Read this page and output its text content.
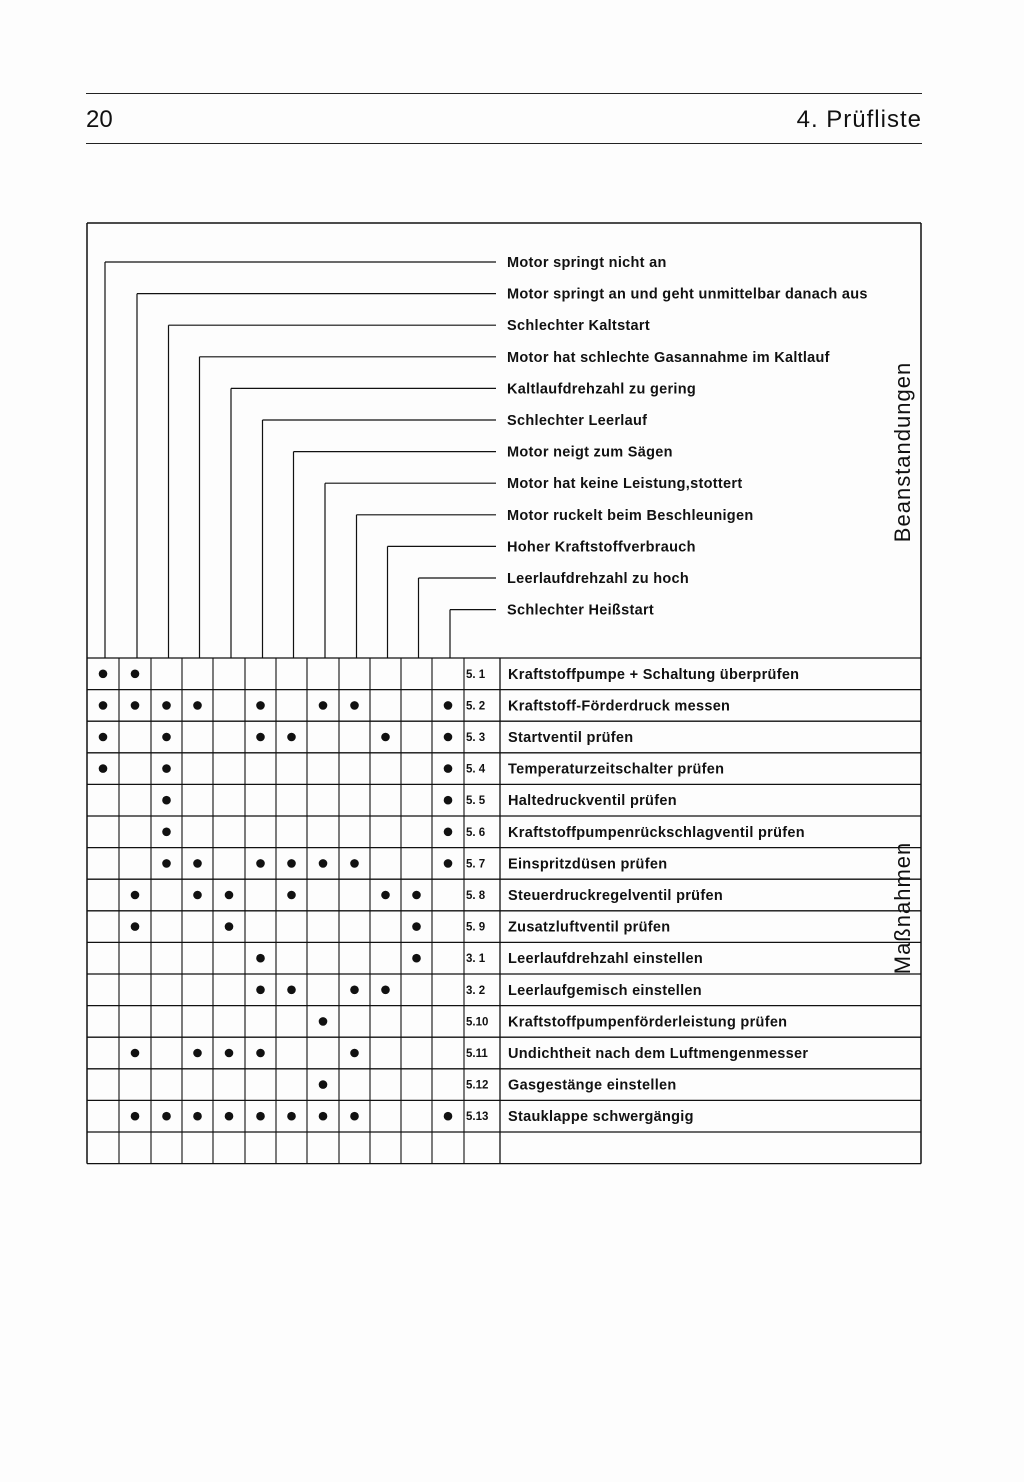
20	4. Prüfliste
Motor springt nicht an
Motor springt an und geht unmittelbar danach aus
Schlechter Kaltstart
Motor hat schlechte Gasannahme im Kaltlauf
Kaltlaufdrehzahl zu gering
Schlechter Leerlauf
Motor neigt zum Sägen
Motor hat keine Leistung,stottert
Motor ruckelt beim Beschleunigen
Hoher Kraftstoffverbrauch
Leerlaufdrehzahl zu hoch
Schlechter Heißstart
Beanstandungen
Maßnahmen
5. 1 Kraftstoffpumpe + Schaltung überprüfen
5. 2 Kraftstoff-Förderdruck messen
5. 3 Startventil prüfen
5. 4 Temperaturzeitschalter prüfen
5. 5 Haltedruckventil prüfen
5. 6 Kraftstoffpumpenrückschlagventil prüfen
5. 7 Einspritzdüsen prüfen
5. 8 Steuerdruckregelventil prüfen
5. 9 Zusatzluftventil prüfen
3. 1 Leerlaufdrehzahl einstellen
3. 2 Leerlaufgemisch einstellen
5.10 Kraftstoffpumpenförderleistung prüfen
5.11 Undichtheit nach dem Luftmengenmesser
5.12 Gasgestänge einstellen
5.13 Stauklappe schwergängig
